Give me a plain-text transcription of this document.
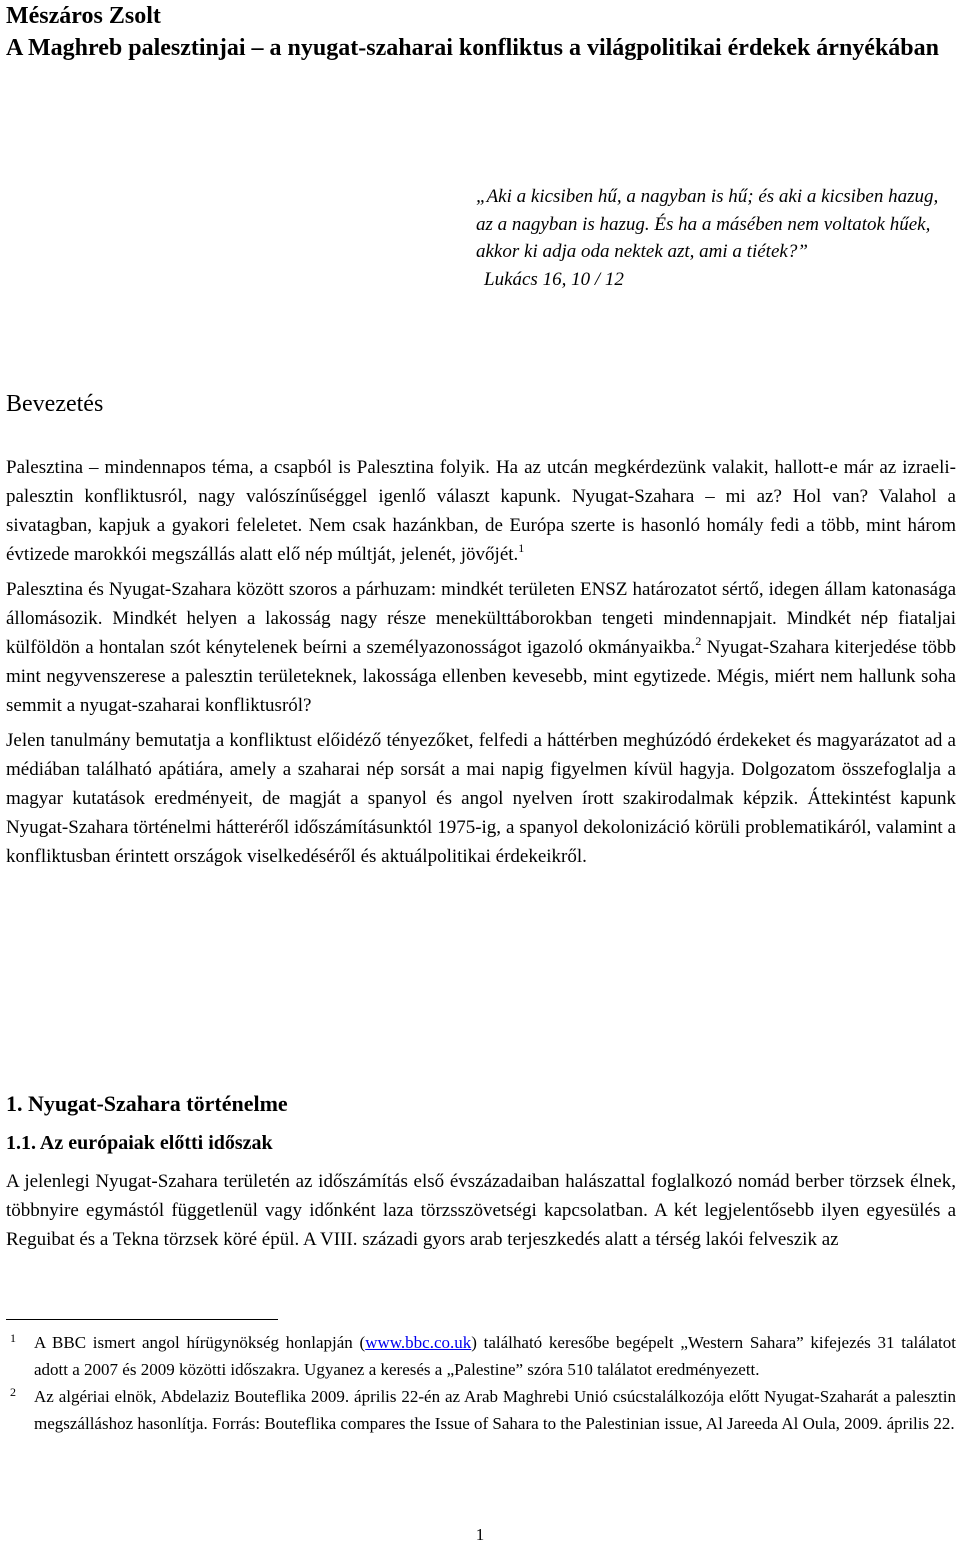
Mészáros Zsolt
A Maghreb palesztinjai – a nyugat-szaharai konfliktus a világpolitikai érdekek árnyékában
„Aki a kicsiben hű, a nagyban is hű; és aki a kicsiben hazug, az a nagyban is hazug. És ha a másében nem voltatok hűek, akkor ki adja oda nektek azt, ami a tiétek?”
Lukács 16, 10 / 12
Bevezetés

Palesztina – mindennapos téma, a csapból is Palesztina folyik. Ha az utcán megkérdezünk valakit, hallott-e már az izraeli-palesztin konfliktusról, nagy valószínűséggel igenlő választ kapunk. Nyugat-Szahara – mi az? Hol van? Valahol a sivatagban, kapjuk a gyakori feleletet. Nem csak hazánkban, de Európa szerte is hasonló homály fedi a több, mint három évtizede marokkói megszállás alatt elő nép múltját, jelenét, jövőjét.$^1$

Palesztina és Nyugat-Szahara között szoros a párhuzam: mindkét területen ENSZ határozatot sértő, idegen állam katonasága állomásozik. Mindkét helyen a lakosság nagy része menekülttáborokban tengeti mindennapjait. Mindkét nép fiataljai külföldön a hontalan szót kénytelenek beírni a személyazonosságot igazoló okmányaikba.$^2$ Nyugat-Szahara kiterjedése több mint negyvenszerese a palesztin területeknek, lakossága ellenben kevesebb, mint egytizede. Mégis, miért nem hallunk soha semmit a nyugat-szaharai konfliktusról?

Jelen tanulmány bemutatja a konfliktust előidéző tényezőket, felfedi a háttérben meghúzódó érdekeket és magyarázatot ad a médiában található apátiára, amely a szaharai nép sorsát a mai napig figyelmen kívül hagyja. Dolgozatom összefoglalja a magyar kutatások eredményeit, de magját a spanyol és angol nyelven írott szakirodalmak képzik. Áttekintést kapunk Nyugat-Szahara történelmi hátteréről időszámításunktól 1975-ig, a spanyol dekolonizáció körüli problematikáról, valamint a konfliktusban érintett országok viselkedéséről és aktuálpolitikai érdekeikről.

1. Nyugat-Szahara történelme
1.1. Az európaiak előtti időszak

A jelenlegi Nyugat-Szahara területén az időszámítás első évszázadaiban halászattal foglalkozó nomád berber törzsek élnek, többnyire egymástól függetlenül vagy időnként laza törzsszövetségi kapcsolatban. A két legjelentősebb ilyen egyesülés a Reguibat és a Tekna törzsek köré épül. A VIII. századi gyors arab terjeszkedés alatt a térség lakói felveszik az

1 A BBC ismert angol hírügynökség honlapján (www.bbc.co.uk) található keresőbe begépelt „Western Sahara” kifejezés 31 találatot adott a 2007 és 2009 közötti időszakra. Ugyanez a keresés a „Palestine” szóra 510 találatot eredményezett.
2 Az algériai elnök, Abdelaziz Bouteflika 2009. április 22-én az Arab Maghrebi Unió csúcstalálkozója előtt Nyugat-Szaharát a palesztin megszálláshoz hasonlítja. Forrás: Bouteflika compares the Issue of Sahara to the Palestinian issue, Al Jareeda Al Oula, 2009. április 22.
1
